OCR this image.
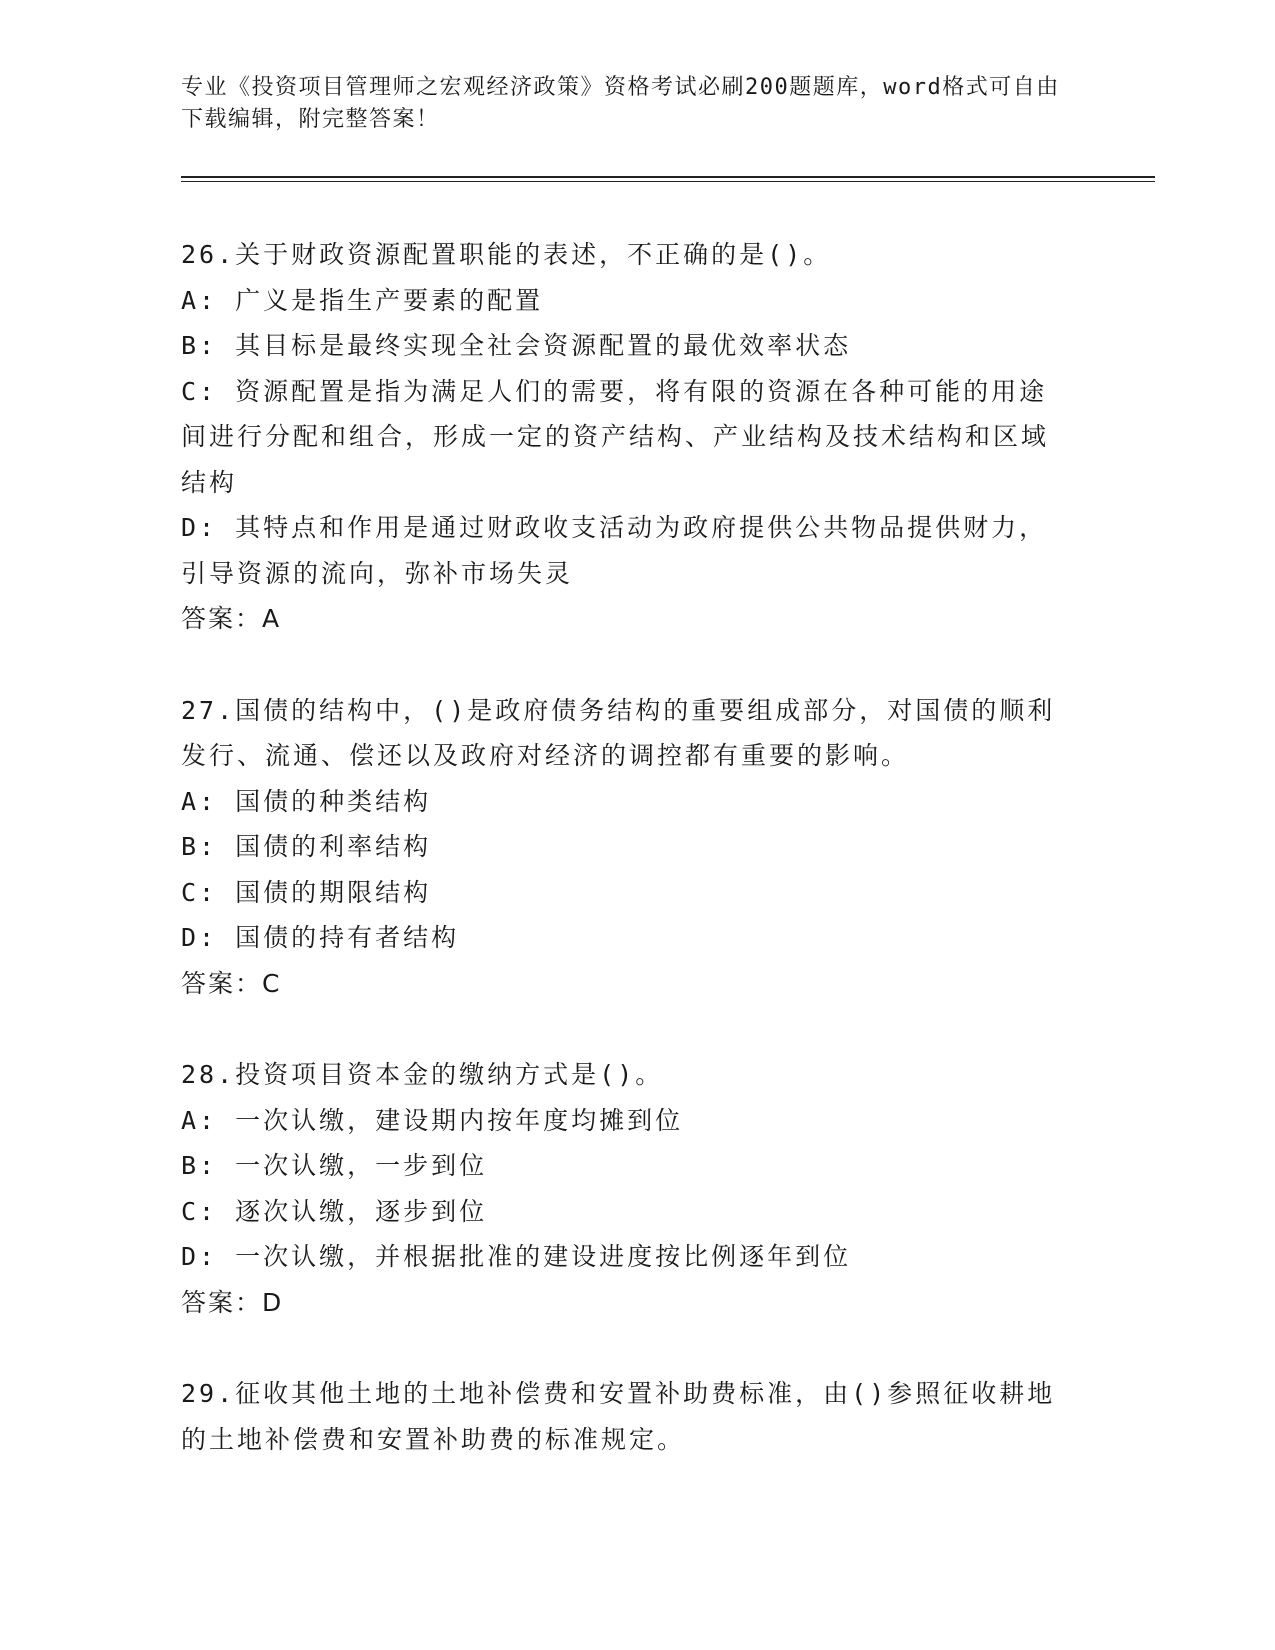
专业《投资项目管理师之宏观经济政策》资格考试必刷200题题库，word格式可自由下载编辑，附完整答案！
26.关于财政资源配置职能的表述，不正确的是()。
A: 广义是指生产要素的配置
B: 其目标是最终实现全社会资源配置的最优效率状态
C: 资源配置是指为满足人们的需要，将有限的资源在各种可能的用途间进行分配和组合，形成一定的资产结构、产业结构及技术结构和区域结构
D: 其特点和作用是通过财政收支活动为政府提供公共物品提供财力，引导资源的流向，弥补市场失灵
答案：A
27.国债的结构中，()是政府债务结构的重要组成部分，对国债的顺利发行、流通、偿还以及政府对经济的调控都有重要的影响。
A: 国债的种类结构
B: 国债的利率结构
C: 国债的期限结构
D: 国债的持有者结构
答案：C
28.投资项目资本金的缴纳方式是()。
A: 一次认缴，建设期内按年度均摊到位
B: 一次认缴，一步到位
C: 逐次认缴，逐步到位
D: 一次认缴，并根据批准的建设进度按比例逐年到位
答案：D
29.征收其他土地的土地补偿费和安置补助费标准，由()参照征收耕地的土地补偿费和安置补助费的标准规定。
